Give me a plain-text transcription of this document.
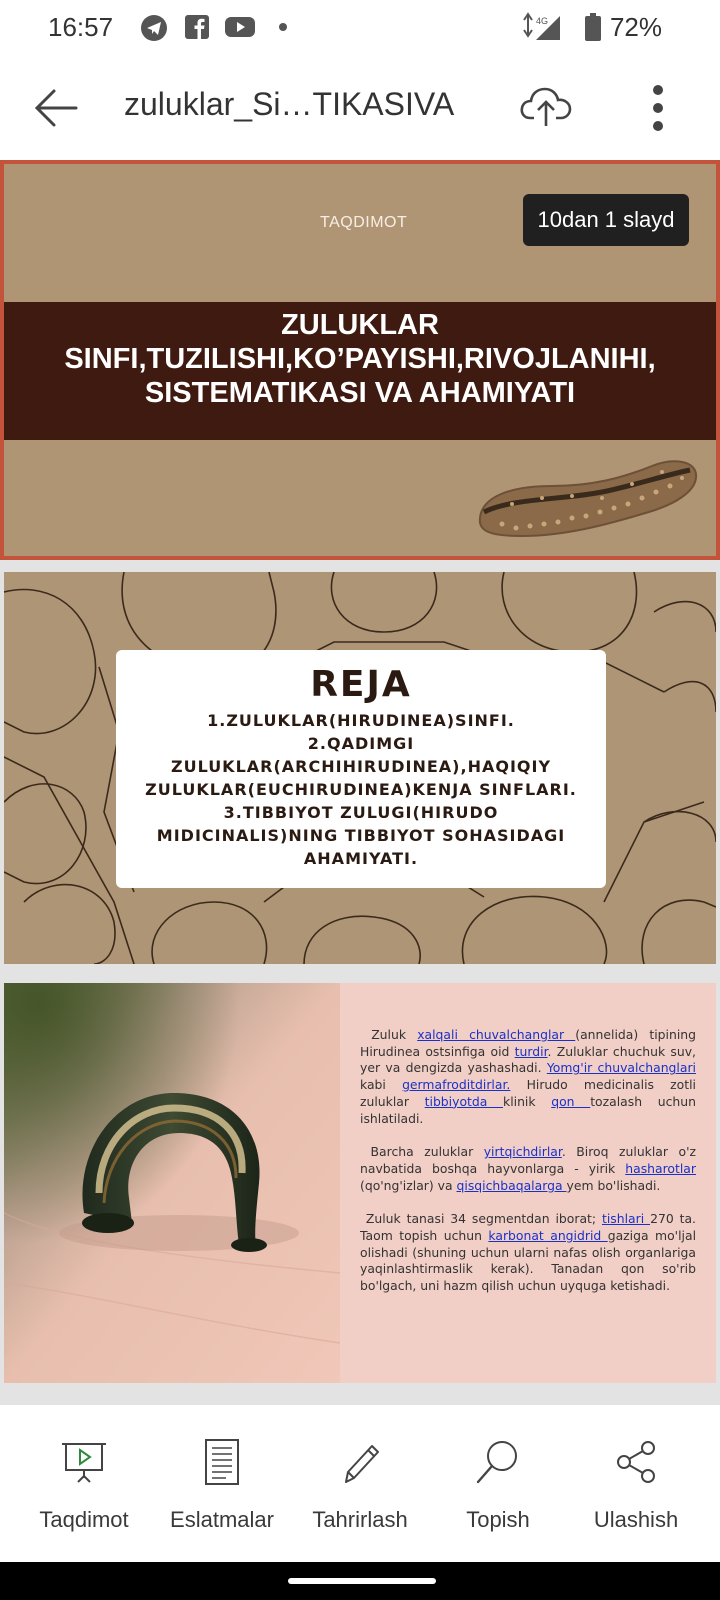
16:57	4G 72%
zuluklar_Si…TIKASIVA
TAQDIMOT	10dan 1 slayd
ZULUKLAR
SINFI,TUZILISHI,KO’PAYISHI,RIVOJLANIHI,
SISTEMATIKASI VA AHAMIYATI
REJA
1.ZULUKLAR(HIRUDINEA)SINFI.
2.QADIMGI ZULUKLAR(ARCHIHIRUDINEA),HAQIQIY ZULUKLAR(EUCHIRUDINEA)KENJA SINFLARI.
3.TIBBIYOT ZULUGI(HIRUDO MIDICINALIS)NING TIBBIYOT SOHASIDAGI AHAMIYATI.

Zuluk xalqali chuvalchanglar (annelida) tipining Hirudinea ostsinfiga oid turdir. Zuluklar chuchuk suv, yer va dengizda yashashadi. Yomg'ir chuvalchanglari kabi germafroditdirlar. Hirudo medicinalis zotli zuluklar tibbiyotda klinik qon tozalash uchun ishlatiladi.

Barcha zuluklar yirtqichdirlar. Biroq zuluklar o'z navbatida boshqa hayvonlarga - yirik hasharotlar (qo'ng'izlar) va qisqichbaqalarga yem bo'lishadi.

Zuluk tanasi 34 segmentdan iborat; tishlari 270 ta. Taom topish uchun karbonat angidrid gaziga mo'ljal olishadi (shuning uchun ularni nafas olish organlariga yaqinlashtirmaslik kerak). Tanadan qon so'rib bo'lgach, uni hazm qilish uchun uyquga ketishadi.

Taqdimot	Eslatmalar	Tahrirlash	Topish	Ulashish
